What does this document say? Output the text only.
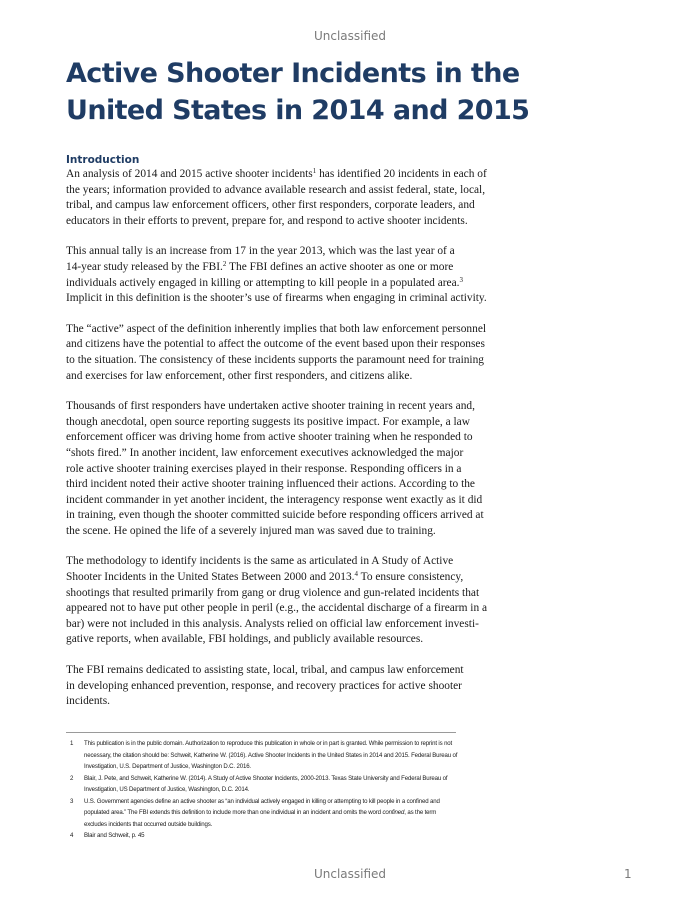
Unclassified
Active Shooter Incidents in the
United States in 2014 and 2015
Introduction

An analysis of 2014 and 2015 active shooter incidents$^1$ has identified 20 incidents in each of
the years; information provided to advance available research and assist federal, state, local,
tribal, and campus law enforcement officers, other first responders, corporate leaders, and
educators in their efforts to prevent, prepare for, and respond to active shooter incidents.

This annual tally is an increase from 17 in the year 2013, which was the last year of a
14-year study released by the FBI.$^2$ The FBI defines an active shooter as one or more
individuals actively engaged in killing or attempting to kill people in a populated area.$^3$
Implicit in this definition is the shooter’s use of firearms when engaging in criminal activity.

The “active” aspect of the definition inherently implies that both law enforcement personnel
and citizens have the potential to affect the outcome of the event based upon their responses
to the situation. The consistency of these incidents supports the paramount need for training
and exercises for law enforcement, other first responders, and citizens alike.

Thousands of first responders have undertaken active shooter training in recent years and,
though anecdotal, open source reporting suggests its positive impact. For example, a law
enforcement officer was driving home from active shooter training when he responded to
“shots fired.” In another incident, law enforcement executives acknowledged the major
role active shooter training exercises played in their response. Responding officers in a
third incident noted their active shooter training influenced their actions. According to the
incident commander in yet another incident, the interagency response went exactly as it did
in training, even though the shooter committed suicide before responding officers arrived at
the scene. He opined the life of a severely injured man was saved due to training.

The methodology to identify incidents is the same as articulated in A Study of Active
Shooter Incidents in the United States Between 2000 and 2013.$^4$ To ensure consistency,
shootings that resulted primarily from gang or drug violence and gun-related incidents that
appeared not to have put other people in peril (e.g., the accidental discharge of a firearm in a
bar) were not included in this analysis. Analysts relied on official law enforcement investi-
gative reports, when available, FBI holdings, and publicly available resources.

The FBI remains dedicated to assisting state, local, tribal, and campus law enforcement
in developing enhanced prevention, response, and recovery practices for active shooter
incidents.

1	This publication is in the public domain. Authorization to reproduce this publication in whole or in part is granted. While permission to reprint is not
necessary, the citation should be: Schweit, Katherine W. (2016). Active Shooter Incidents in the United States in 2014 and 2015. Federal Bureau of
Investigation, U.S. Department of Justice, Washington D.C. 2016.
2	Blair, J. Pete, and Schweit, Katherine W. (2014). A Study of Active Shooter Incidents, 2000-2013. Texas State University and Federal Bureau of
Investigation, US Department of Justice, Washington, D.C. 2014.
3	U.S. Government agencies define an active shooter as “an individual actively engaged in killing or attempting to kill people in a confined and
populated area.” The FBI extends this definition to include more than one individual in an incident and omits the word confined, as the term
excludes incidents that occurred outside buildings.
4	Blair and Schweit, p. 45
Unclassified	1
